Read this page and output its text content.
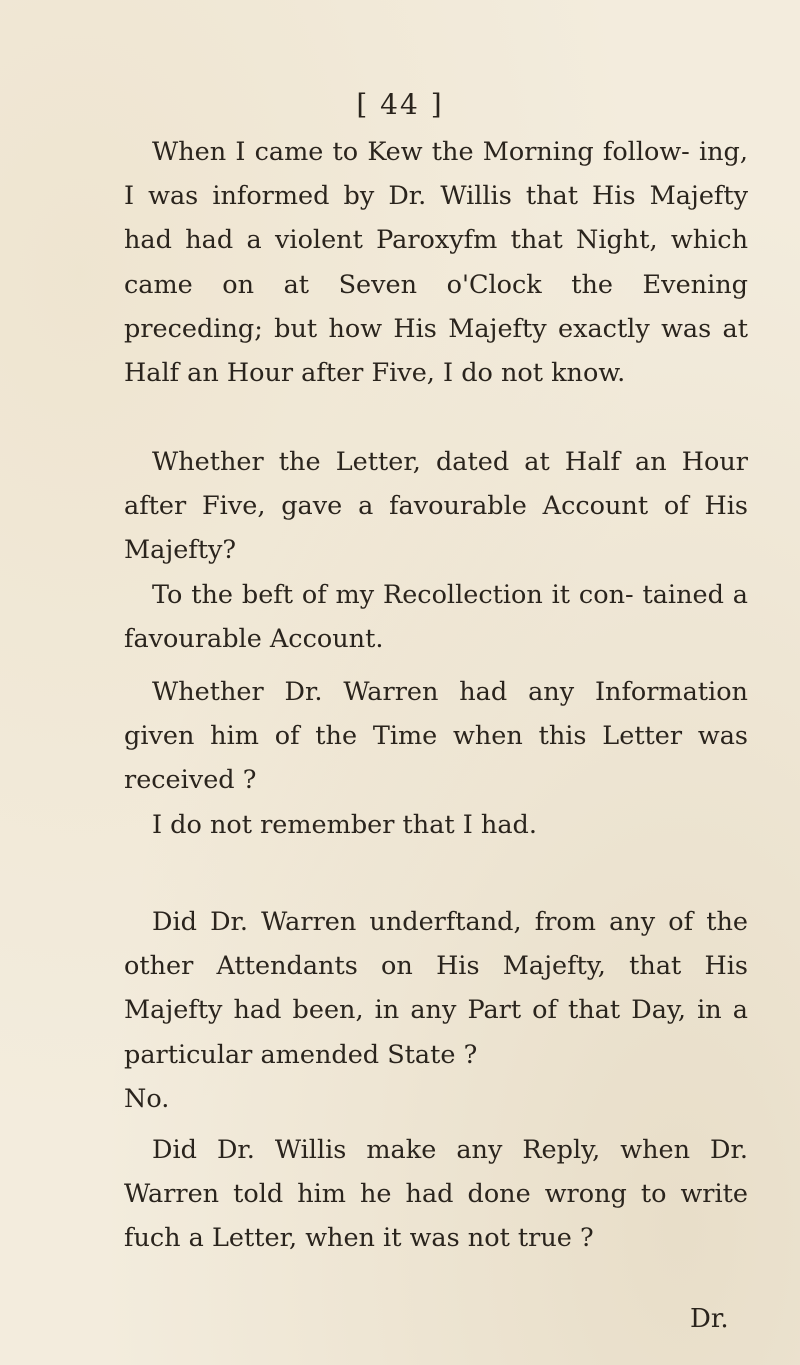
[ 44 ]

When I came to Kew the Morning follow- ing, I was informed by Dr. Willis that His Majefty had had a violent Paroxyfm that Night, which came on at Seven o'Clock the Evening preceding; but how His Majefty exactly was at Half an Hour after Five, I do not know.

Whether the Letter, dated at Half an Hour after Five, gave a favourable Account of His Majefty?

To the beft of my Recollection it con- tained a favourable Account.

Whether Dr. Warren had any Information given him of the Time when this Letter was received ?

I do not remember that I had.

Did Dr. Warren underftand, from any of the other Attendants on His Majefty, that His Majefty had been, in any Part of that Day, in a particular amended State ?

No.

Did Dr. Willis make any Reply, when Dr. Warren told him he had done wrong to write fuch a Letter, when it was not true ?

Dr.
